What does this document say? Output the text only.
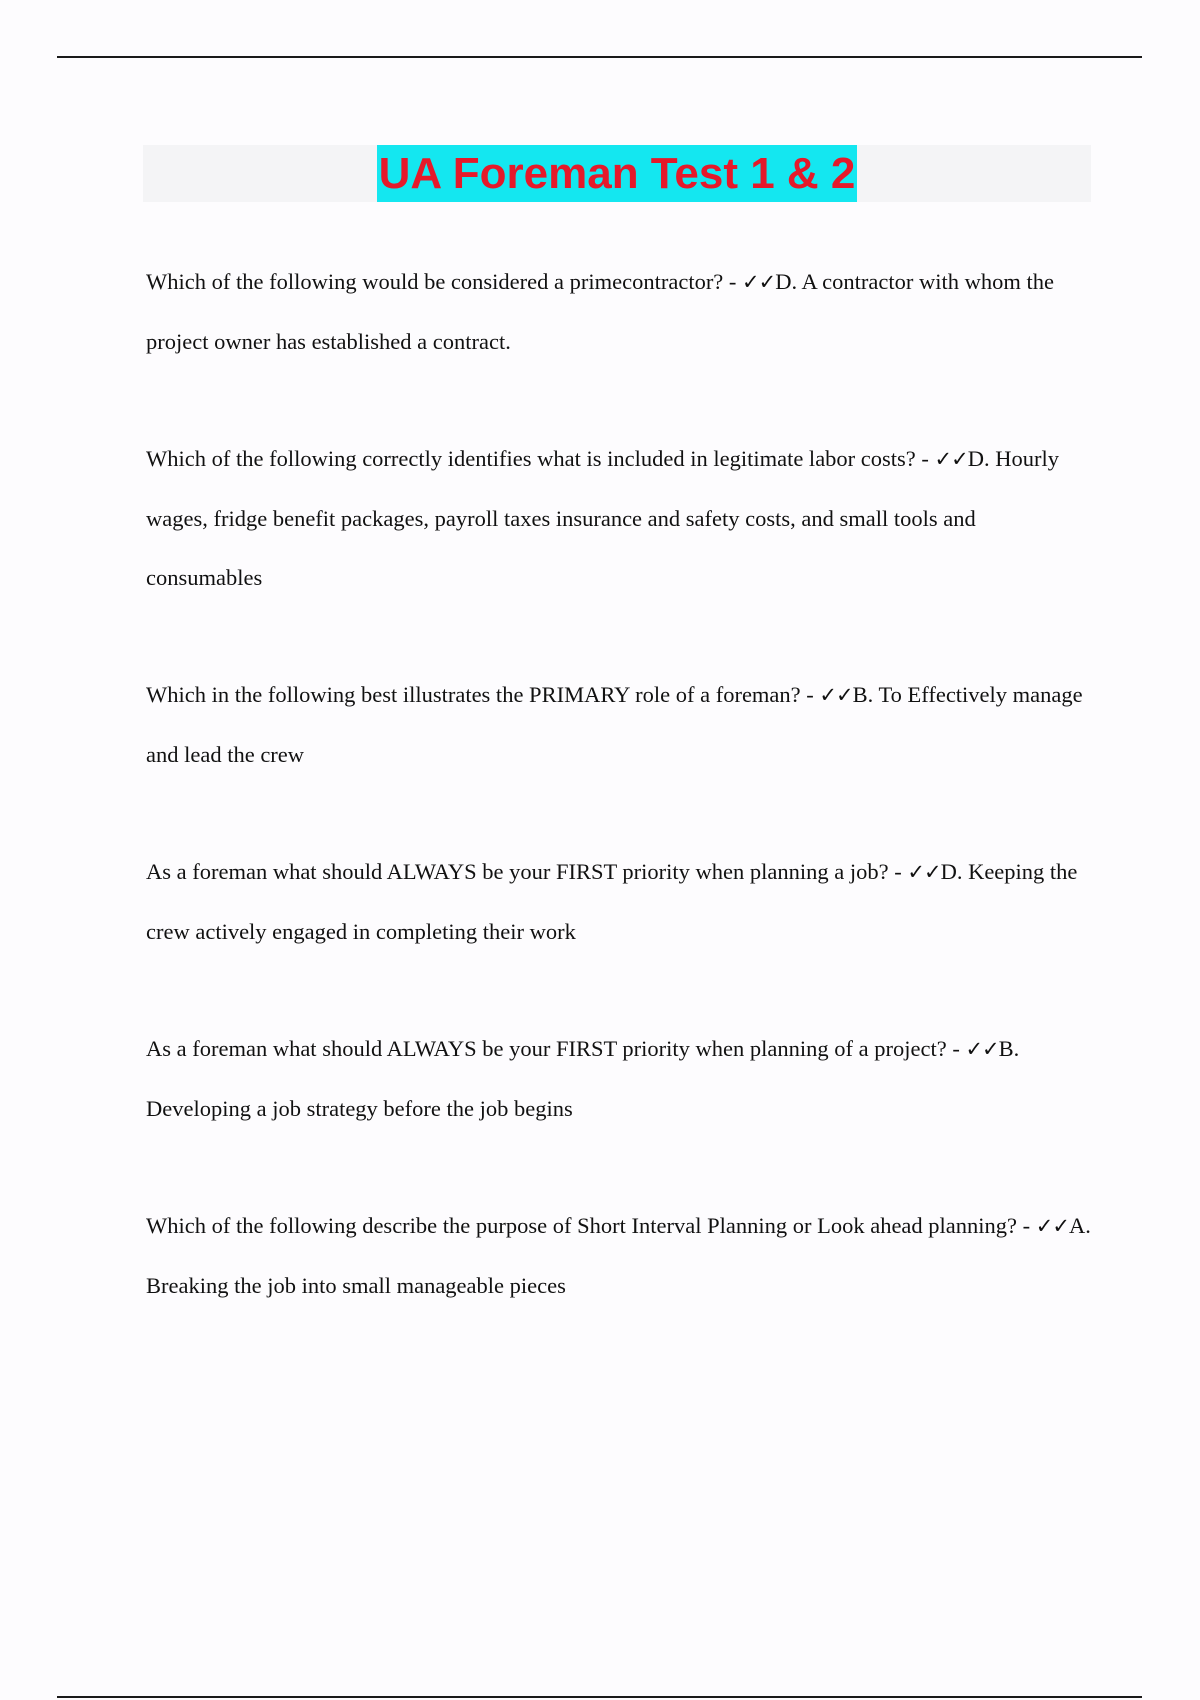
UA Foreman Test 1 & 2

Which of the following would be considered a primecontractor? - ✓✓D. A contractor with whom the project owner has established a contract.

Which of the following correctly identifies what is included in legitimate labor costs? - ✓✓D. Hourly wages, fridge benefit packages, payroll taxes insurance and safety costs, and small tools and consumables

Which in the following best illustrates the PRIMARY role of a foreman? - ✓✓B. To Effectively manage and lead the crew

As a foreman what should ALWAYS be your FIRST priority when planning a job? - ✓✓D. Keeping the crew actively engaged in completing their work

As a foreman what should ALWAYS be your FIRST priority when planning of a project? - ✓✓B. Developing a job strategy before the job begins

Which of the following describe the purpose of Short Interval Planning or Look ahead planning? - ✓✓A. Breaking the job into small manageable pieces
